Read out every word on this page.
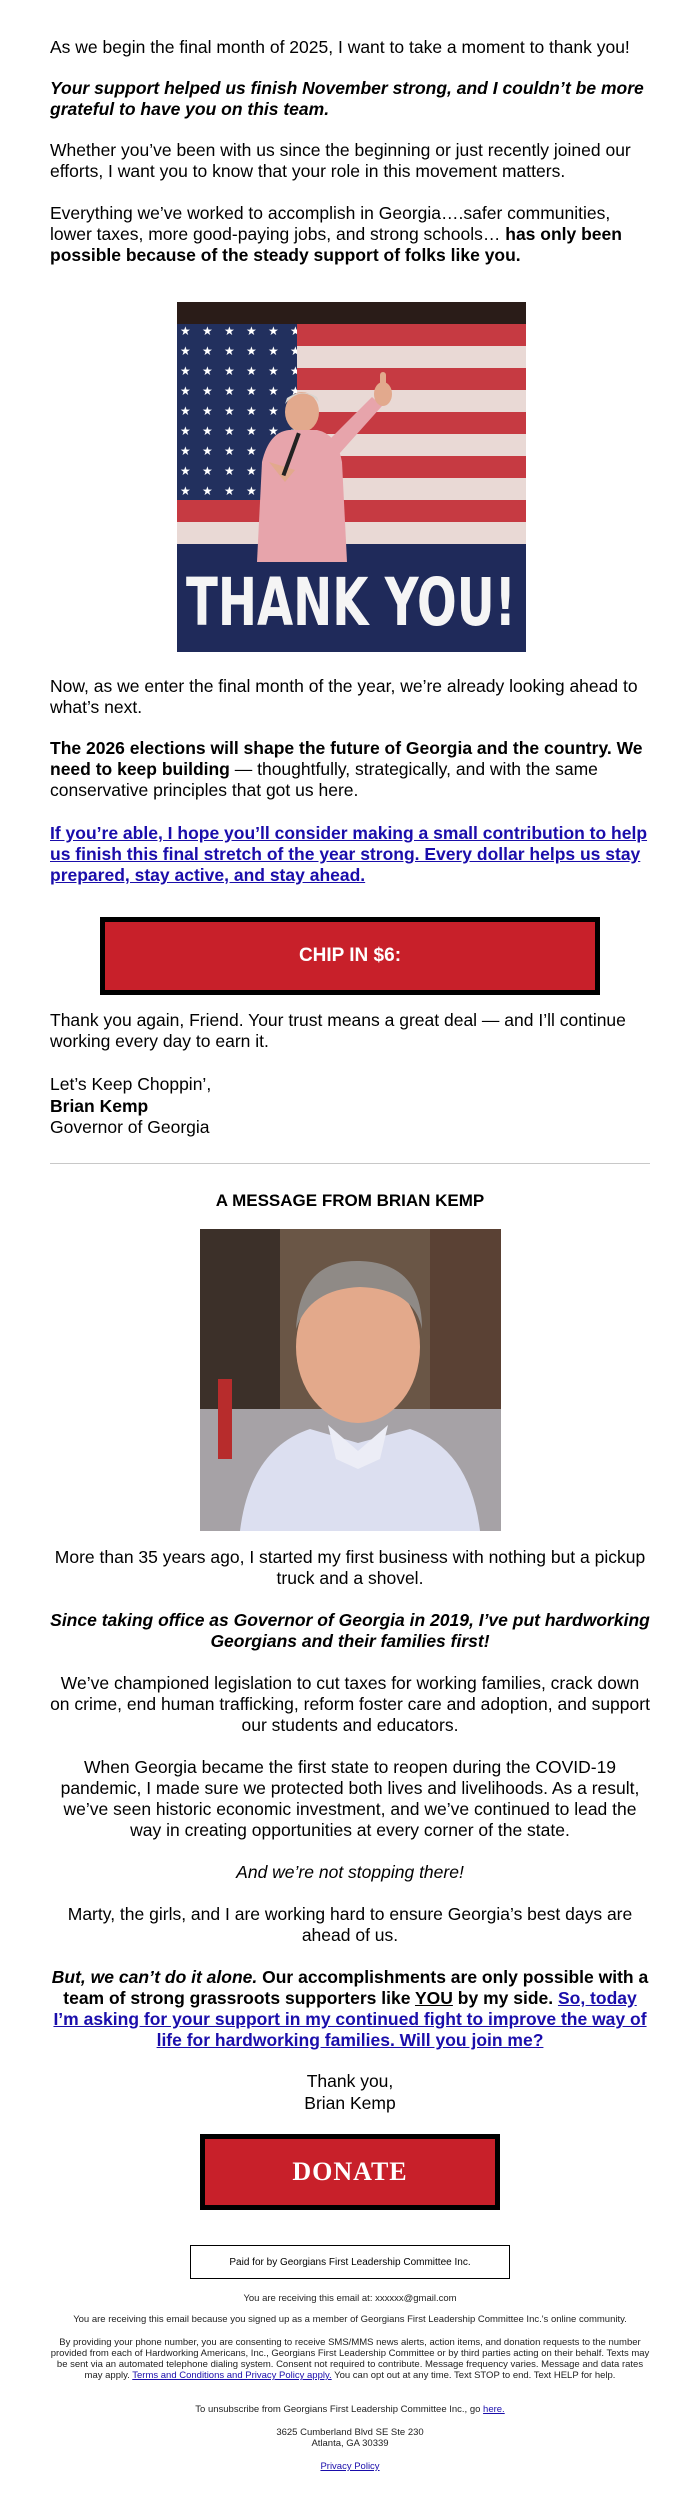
As we begin the final month of 2025, I want to take a moment to thank you!

Your support helped us finish November strong, and I couldn’t be more grateful to have you on this team.

Whether you’ve been with us since the beginning or just recently joined our efforts, I want you to know that your role in this movement matters.

Everything we’ve worked to accomplish in Georgia….safer communities, lower taxes, more good-paying jobs, and strong schools… has only been possible because of the steady support of folks like you.

THANK YOU!

Now, as we enter the final month of the year, we’re already looking ahead to what’s next.

The 2026 elections will shape the future of Georgia and the country. We need to keep building — thoughtfully, strategically, and with the same conservative principles that got us here.

If you’re able, I hope you’ll consider making a small contribution to help us finish this final stretch of the year strong. Every dollar helps us stay prepared, stay active, and stay ahead.

CHIP IN $6:

Thank you again, Friend. Your trust means a great deal — and I’ll continue working every day to earn it.

Let’s Keep Choppin’,

Brian Kemp

Governor of Georgia

A MESSAGE FROM BRIAN KEMP

More than 35 years ago, I started my first business with nothing but a pickup truck and a shovel.

Since taking office as Governor of Georgia in 2019, I’ve put hardworking Georgians and their families first!

We’ve championed legislation to cut taxes for working families, crack down on crime, end human trafficking, reform foster care and adoption, and support our students and educators.

When Georgia became the first state to reopen during the COVID-19 pandemic, I made sure we protected both lives and livelihoods. As a result, we’ve seen historic economic investment, and we’ve continued to lead the way in creating opportunities at every corner of the state.

And we’re not stopping there!

Marty, the girls, and I are working hard to ensure Georgia’s best days are ahead of us.

But, we can’t do it alone. Our accomplishments are only possible with a team of strong grassroots supporters like YOU by my side. So, today I’m asking for your support in my continued fight to improve the way of life for hardworking families. Will you join me?

Thank you,

Brian Kemp

DONATE
Paid for by Georgians First Leadership Committee Inc.

You are receiving this email at: xxxxxx@gmail.com

You are receiving this email because you signed up as a member of Georgians First Leadership Committee Inc.'s online community.

By providing your phone number, you are consenting to receive SMS/MMS news alerts, action items, and donation requests to the number provided from each of Hardworking Americans, Inc., Georgians First Leadership Committee or by third parties acting on their behalf. Texts may be sent via an automated telephone dialing system. Consent not required to contribute. Message frequency varies. Message and data rates may apply. Terms and Conditions and Privacy Policy apply. You can opt out at any time. Text STOP to end. Text HELP for help.

To unsubscribe from Georgians First Leadership Committee Inc., go here.

3625 Cumberland Blvd SE Ste 230

Atlanta, GA 30339

Privacy Policy
